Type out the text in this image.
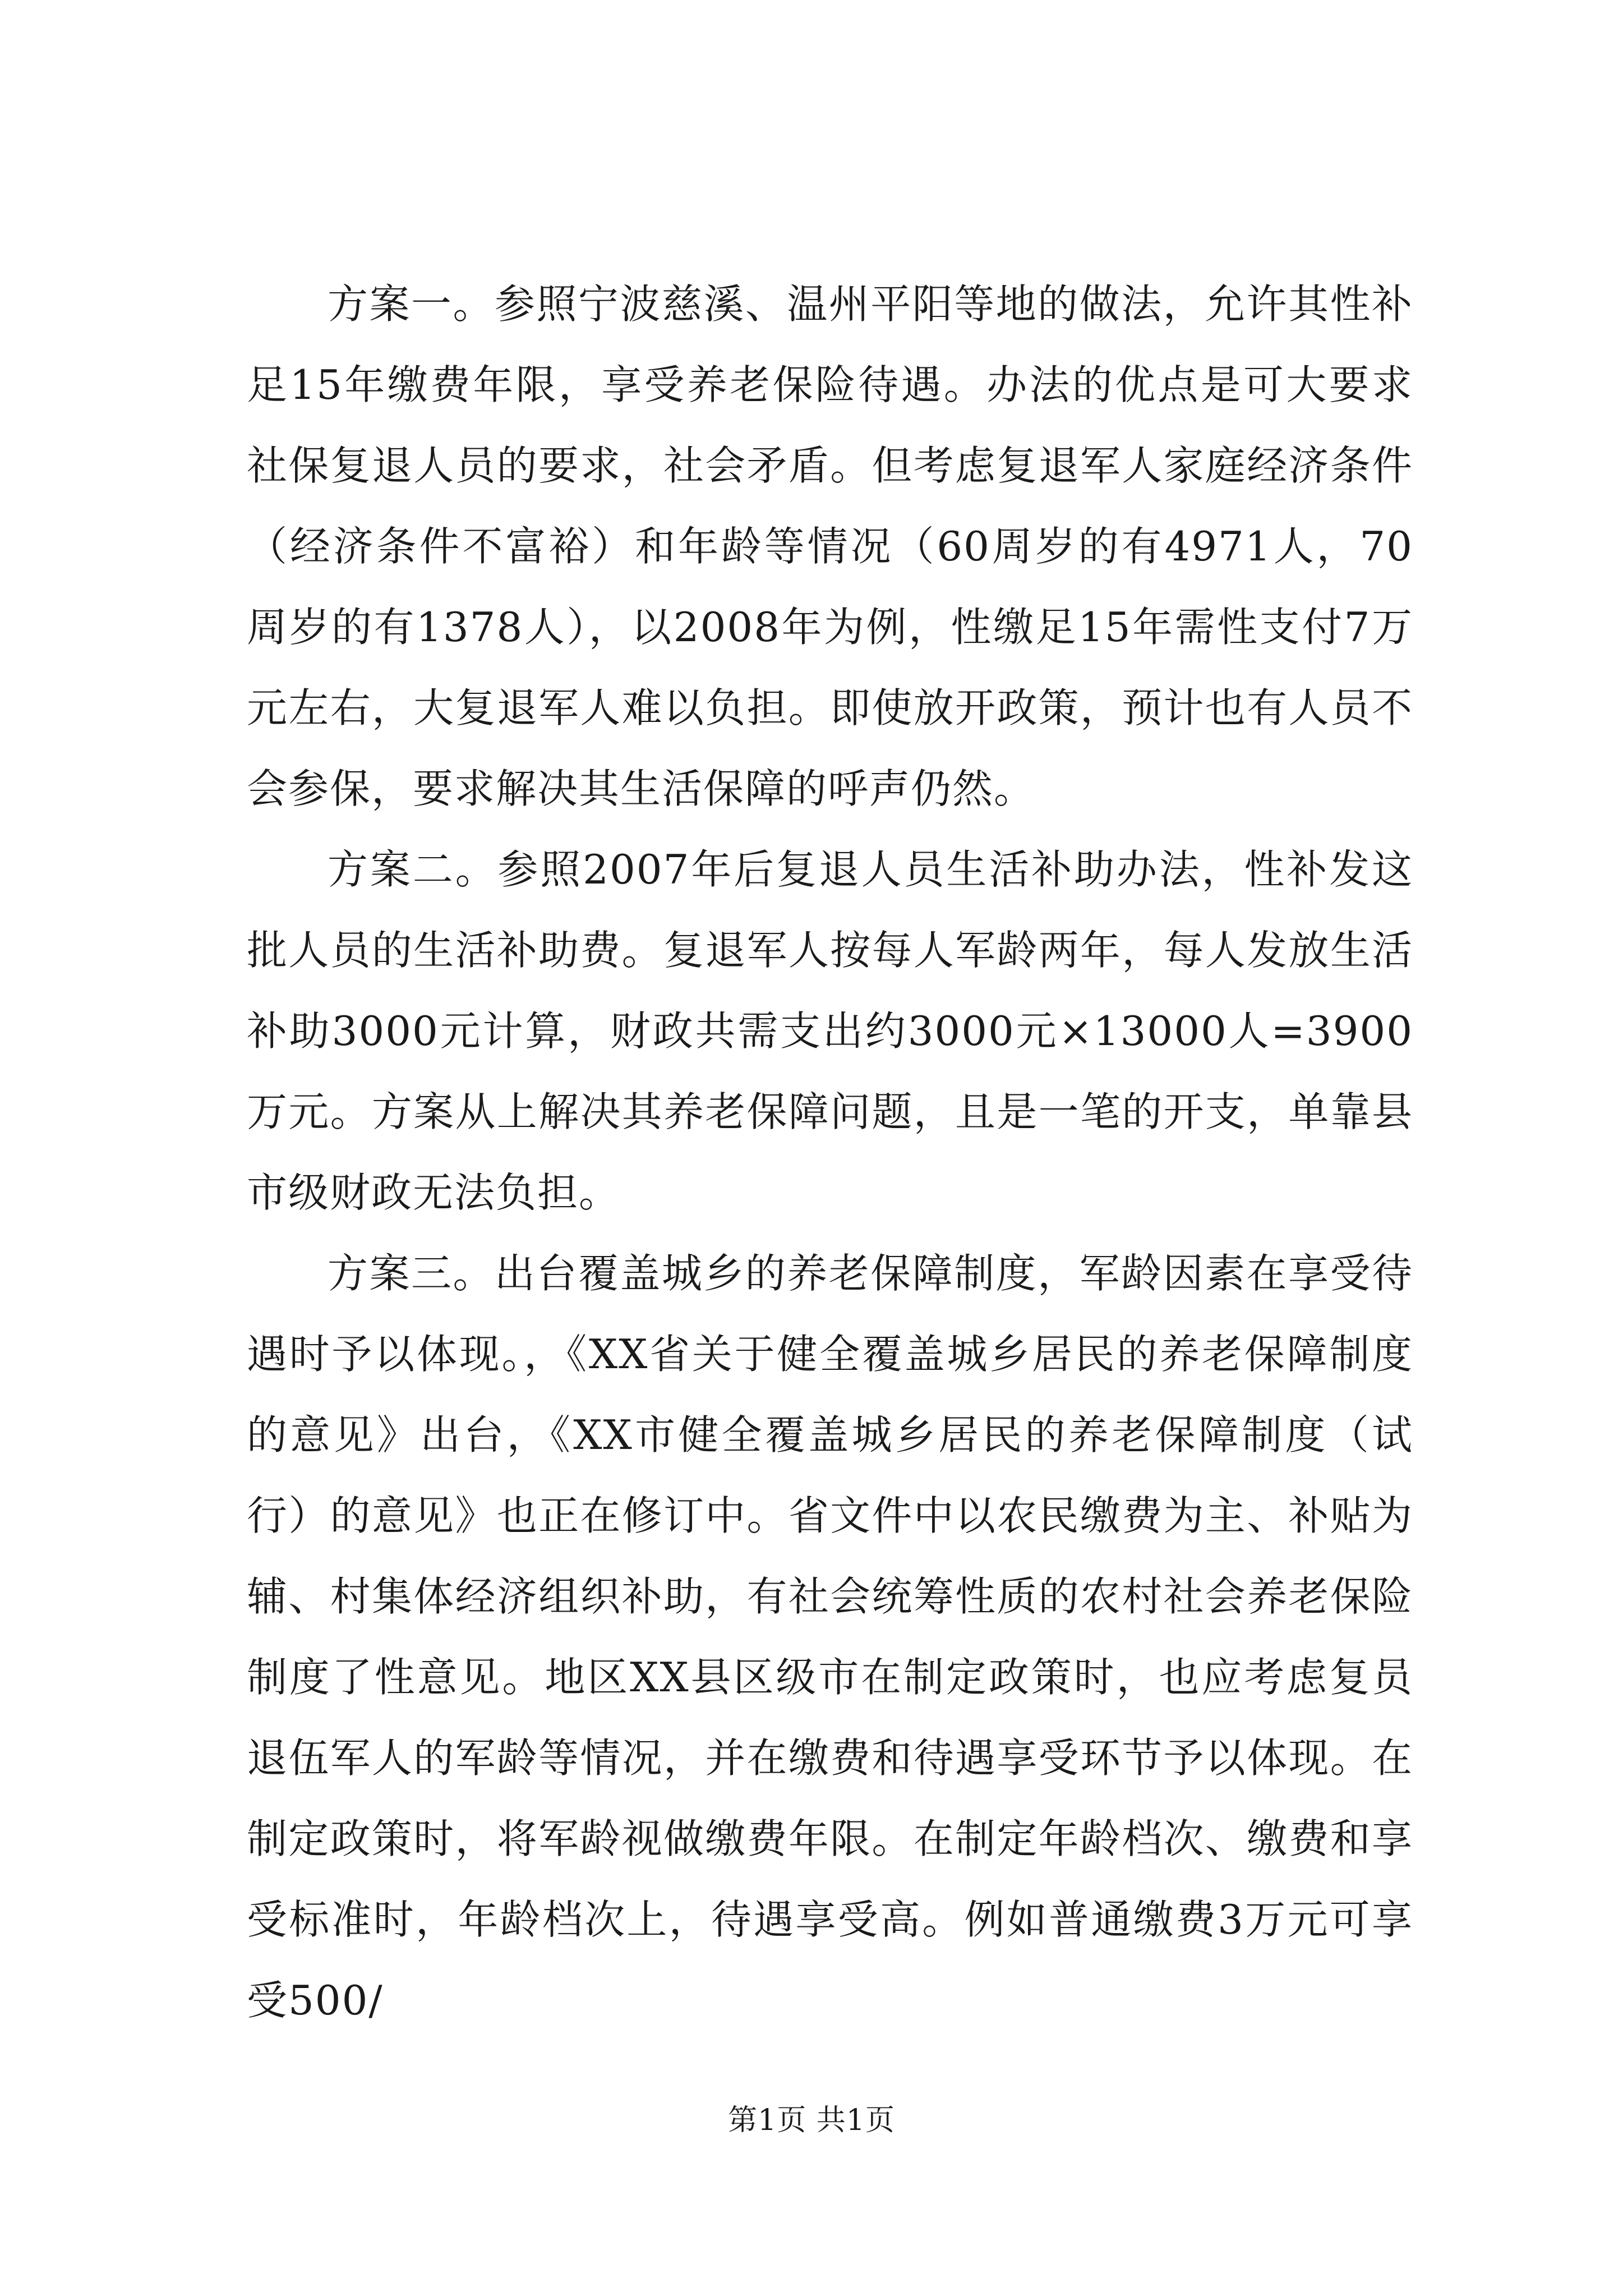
方案一。参照宁波慈溪、温州平阳等地的做法，允许其性补足15年缴费年限，享受养老保险待遇。办法的优点是可大要求社保复退人员的要求，社会矛盾。但考虑复退军人家庭经济条件（经济条件不富裕）和年龄等情况（60周岁的有4971人，70周岁的有1378人），以2008年为例，性缴足15年需性支付7万元左右，大复退军人难以负担。即使放开政策，预计也有人员不会参保，要求解决其生活保障的呼声仍然。

方案二。参照2007年后复退人员生活补助办法，性补发这批人员的生活补助费。复退军人按每人军龄两年，每人发放生活补助3000元计算，财政共需支出约3000元×13000人=3900万元。方案从上解决其养老保障问题，且是一笔的开支，单靠县市级财政无法负担。

方案三。出台覆盖城乡的养老保障制度，军龄因素在享受待遇时予以体现。，《XX省关于健全覆盖城乡居民的养老保障制度的意见》出台，《XX市健全覆盖城乡居民的养老保障制度（试行）的意见》也正在修订中。省文件中以农民缴费为主、补贴为辅、村集体经济组织补助，有社会统筹性质的农村社会养老保险制度了性意见。地区XX县区级市在制定政策时，也应考虑复员退伍军人的军龄等情况，并在缴费和待遇享受环节予以体现。在制定政策时，将军龄视做缴费年限。在制定年龄档次、缴费和享受标准时，年龄档次上，待遇享受高。例如普通缴费3万元可享受500/

第1页 共1页
